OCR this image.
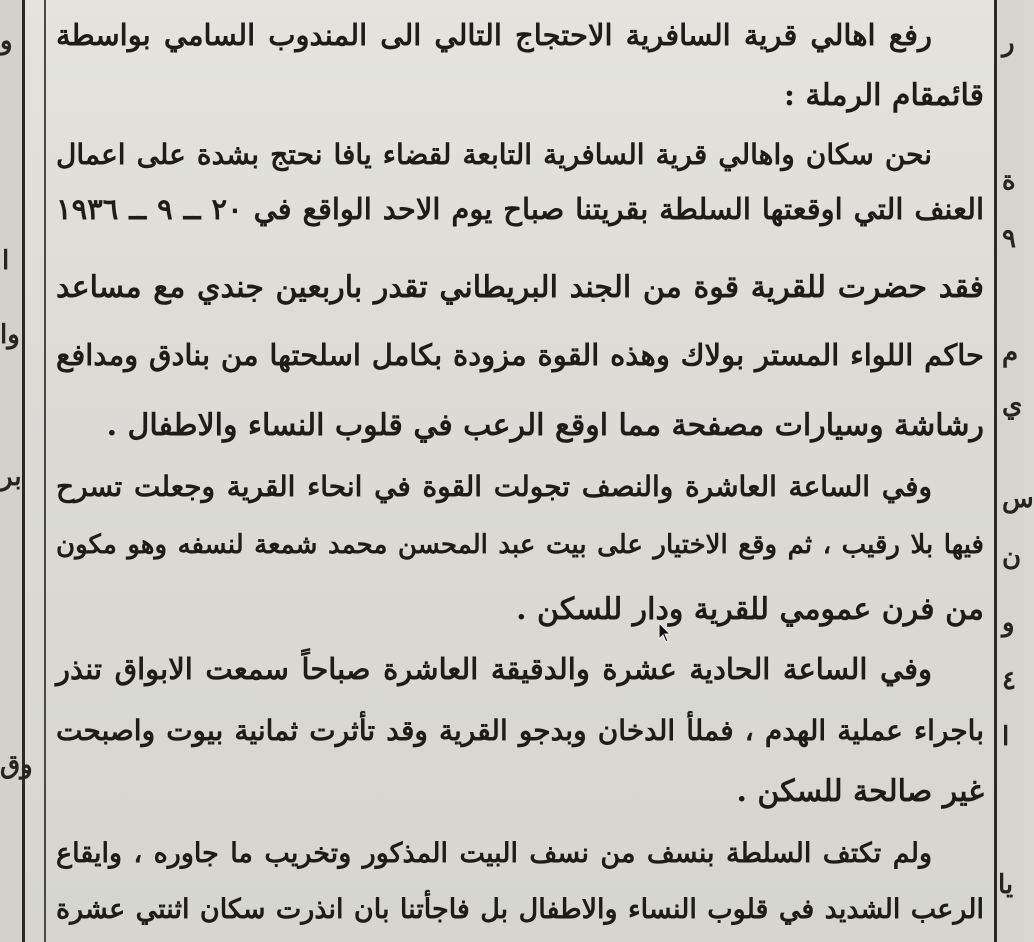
و
ا
وا
بر
وق
ر
ة
٩
م
ي
س
ن
و
٤
ا
يا
رفع اهالي قرية السافرية الاحتجاج التالي الى المندوب السامي بواسطة
قائمقام الرملة :
نحن سكان واهالي قرية السافرية التابعة لقضاء يافا نحتج بشدة على اعمال
العنف التي اوقعتها السلطة بقريتنا صباح يوم الاحد الواقع في ٢٠ ــ ٩ ــ ١٩٣٦
فقد حضرت للقرية قوة من الجند البريطاني تقدر باربعين جندي مع مساعد
حاكم اللواء المستر بولاك وهذه القوة مزودة بكامل اسلحتها من بنادق ومدافع
رشاشة وسيارات مصفحة مما اوقع الرعب في قلوب النساء والاطفال .
وفي الساعة العاشرة والنصف تجولت القوة في انحاء القرية وجعلت تسرح
فيها بلا رقيب ، ثم وقع الاختيار على بيت عبد المحسن محمد شمعة لنسفه وهو مكون
من فرن عمومي للقرية ودار للسكن .
وفي الساعة الحادية عشرة والدقيقة العاشرة صباحاً سمعت الابواق تنذر
باجراء عملية الهدم ، فملأ الدخان وبدجو القرية وقد تأثرت ثمانية بيوت واصبحت
غير صالحة للسكن .
ولم تكتف السلطة بنسف من نسف البيت المذكور وتخريب ما جاوره ، وايقاع
الرعب الشديد في قلوب النساء والاطفال بل فاجأتنا بان انذرت سكان اثنتي عشرة
